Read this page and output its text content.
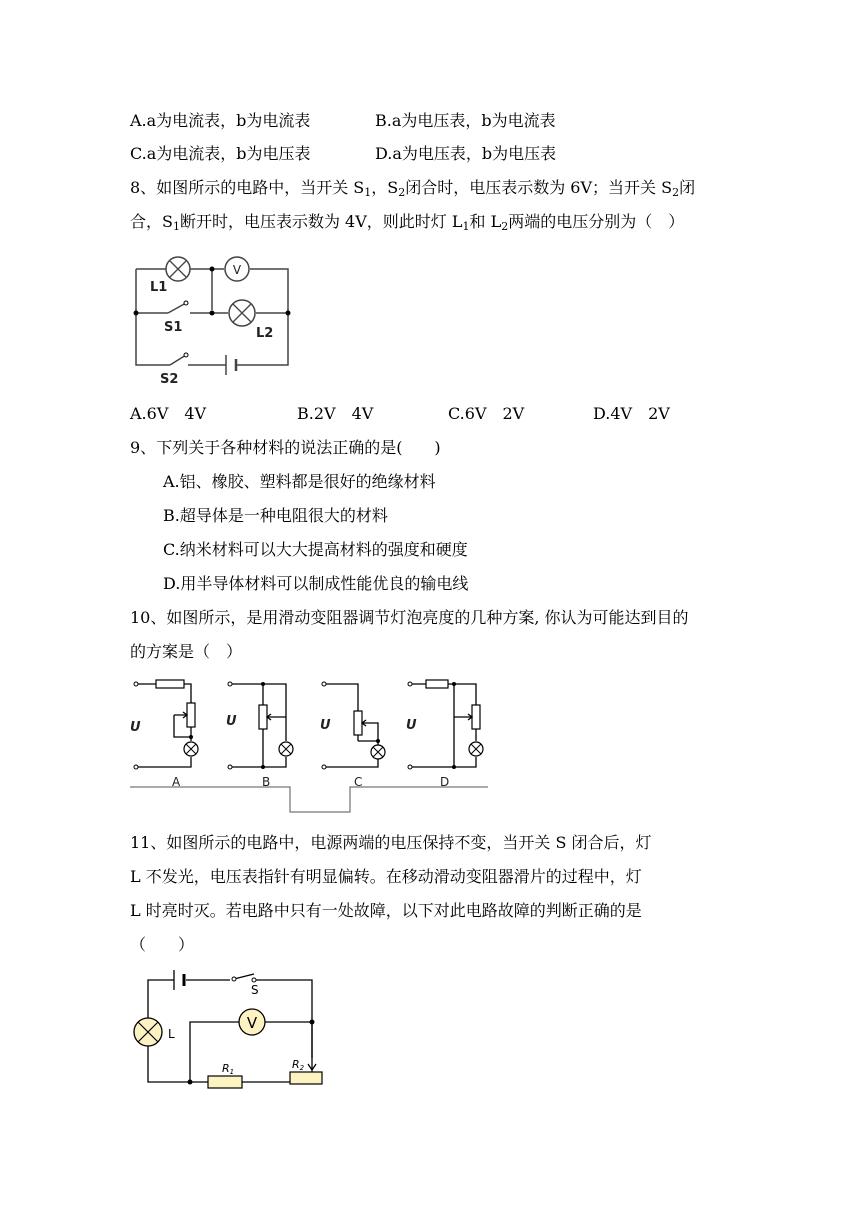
A.a为电流表，b为电流表	B.a为电压表，b为电流表
C.a为电流表，b为电压表	D.a为电压表，b为电压表
8、如图所示的电路中，当开关 $S_1$，$S_2$闭合时，电压表示数为 6V；当开关 $S_2$闭
合，$S_1$断开时，电压表示数为 4V，则此时灯 $L_1$和 $L_2$两端的电压分别为（　）
V
L1
S1	L2
S2
A.6V　4V	B.2V　4V	C.6V　2V	D.4V　2V
9、下列关于各种材料的说法正确的是(　　)
A.铝、橡胶、塑料都是很好的绝缘材料
B.超导体是一种电阻很大的材料
C.纳米材料可以大大提高材料的强度和硬度
D.用半导体材料可以制成性能优良的输电线
10、如图所示，是用滑动变阻器调节灯泡亮度的几种方案, 你认为可能达到目的
的方案是（　）
A
U
B
U
C
U
D
U
11、如图所示的电路中，电源两端的电压保持不变，当开关 S 闭合后，灯
L 不发光，电压表指针有明显偏转。在移动滑动变阻器滑片的过程中，灯
L 时亮时灭。若电路中只有一处故障，以下对此电路故障的判断正确的是
（　　）
V
L
S
R1
R2
